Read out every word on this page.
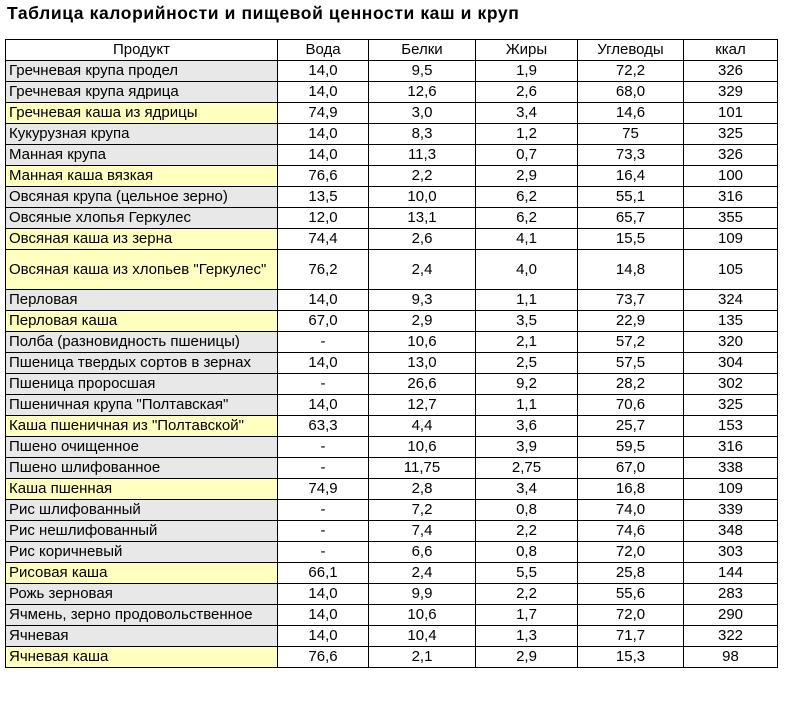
Таблица калорийности и пищевой ценности каш и круп
Продукт	Вода	Белки	Жиры	Углеводы	ккал
Гречневая крупа продел	14,0	9,5	1,9	72,2	326
Гречневая крупа ядрица	14,0	12,6	2,6	68,0	329
Гречневая каша из ядрицы	74,9	3,0	3,4	14,6	101
Кукурузная крупа	14,0	8,3	1,2	75	325
Манная крупа	14,0	11,3	0,7	73,3	326
Манная каша вязкая	76,6	2,2	2,9	16,4	100
Овсяная крупа (цельное зерно)	13,5	10,0	6,2	55,1	316
Овсяные хлопья Геркулес	12,0	13,1	6,2	65,7	355
Овсяная каша из зерна	74,4	2,6	4,1	15,5	109
Овсяная каша из хлопьев "Геркулес"	76,2	2,4	4,0	14,8	105
Перловая	14,0	9,3	1,1	73,7	324
Перловая каша	67,0	2,9	3,5	22,9	135
Полба (разновидность пшеницы)	-	10,6	2,1	57,2	320
Пшеница твердых сортов в зернах	14,0	13,0	2,5	57,5	304
Пшеница проросшая	-	26,6	9,2	28,2	302
Пшеничная крупа "Полтавская"	14,0	12,7	1,1	70,6	325
Каша пшеничная из "Полтавской"	63,3	4,4	3,6	25,7	153
Пшено очищенное	-	10,6	3,9	59,5	316
Пшено шлифованное	-	11,75	2,75	67,0	338
Каша пшенная	74,9	2,8	3,4	16,8	109
Рис шлифованный	-	7,2	0,8	74,0	339
Рис нешлифованный	-	7,4	2,2	74,6	348
Рис коричневый	-	6,6	0,8	72,0	303
Рисовая каша	66,1	2,4	5,5	25,8	144
Рожь зерновая	14,0	9,9	2,2	55,6	283
Ячмень, зерно продовольственное	14,0	10,6	1,7	72,0	290
Ячневая	14,0	10,4	1,3	71,7	322
Ячневая каша	76,6	2,1	2,9	15,3	98
